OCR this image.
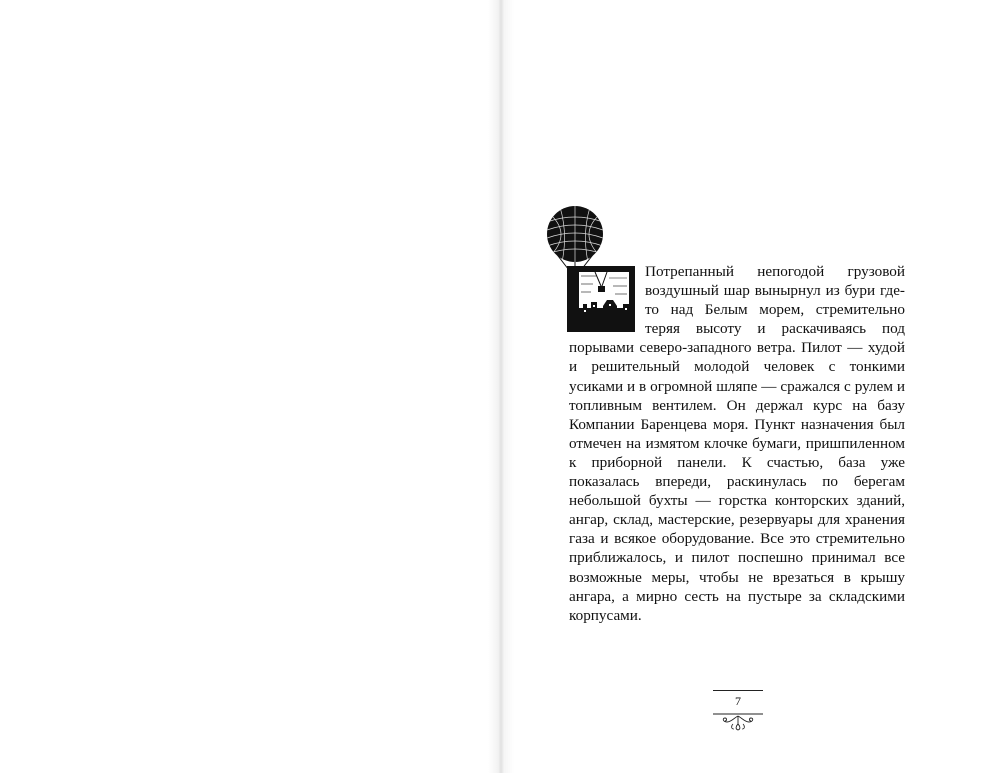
Потрепанный непогодой грузовой воздушный шар вынырнул из бури где-то над Белым морем, стремительно теряя высоту и раскачиваясь под порывами северо-западного ветра. Пилот — худой и решительный молодой человек с тонкими усиками и в огромной шляпе — сражался с рулем и топливным вентилем. Он держал курс на базу Компании Баренцева моря. Пункт назначения был отмечен на измятом клочке бумаги, пришпиленном к приборной панели. К счастью, база уже показалась впереди, раскинулась по берегам небольшой бухты — горстка конторских зданий, ангар, склад, мастерские, резервуары для хранения газа и всякое оборудование. Все это стремительно приближалось, и пилот поспешно принимал все возможные меры, чтобы не врезаться в крышу ангара, а мирно сесть на пустыре за складскими корпусами.

7
